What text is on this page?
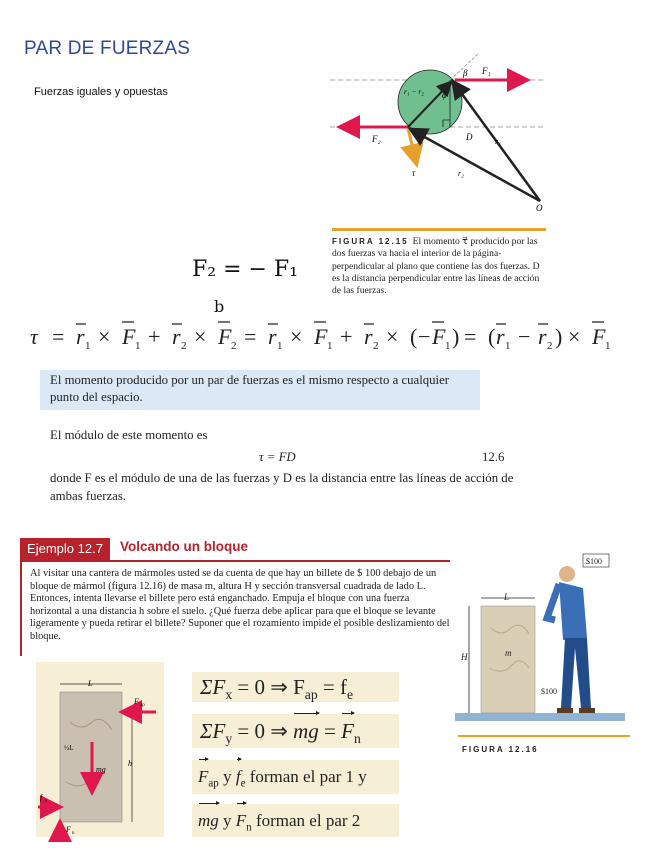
PAR DE FUERZAS
Fuerzas iguales y opuestas
β F₁
ϕ
r₁ − r₂
F₂	D	r₁
τ	r₂
O
FIGURA 12.15 El momento τ⃗ producido por las dos fuerzas va hacia el interior de la página-perpendicular al plano que contiene las dos fuerzas. D es la distancia perpendicular entre las líneas de acción de las fuerzas.
F₂ = − F₁
b
τ = r 1 × F 1 + r 2 × F 2 = r 1 × F 1 + r 2 × ( − F 1 ) = ( r 1 − r 2 ) × F 1
El momento producido por un par de fuerzas es el mismo respecto a cualquier punto del espacio.
El módulo de este momento es
τ = FD	12.6
donde F es el módulo de una de las fuerzas y D es la distancia entre las líneas de acción de ambas fuerzas.
Ejemplo 12.7	Volcando un bloque
Al visitar una cantera de mármoles usted se da cuenta de que hay un billete de $ 100 debajo de un bloque de mármol (figura 12.16) de masa m, altura H y sección transversal cuadrada de lado L. Entonces, intenta llevarse el billete pero está enganchado. Empuja el bloque con una fuerza horizontal a una distancia h sobre el suelo. ¿Qué fuerza debe aplicar para que el bloque se levante ligeramente y pueda retirar el billete? Suponer que el rozamiento impide el posible deslizamiento del bloque.
L
H	m
$100
$100
FIGURA 12.16
L
h
½L
F ap
mg
f e
F n
$\Sigma F_x = 0$ ⇒ $F_{ap} = f_e$
$\Sigma F_y = 0$ ⇒ mg = $F_n$
$F_{ap}$ y $f_e$ forman el par 1 y
mg y $F_n$ forman el par 2
